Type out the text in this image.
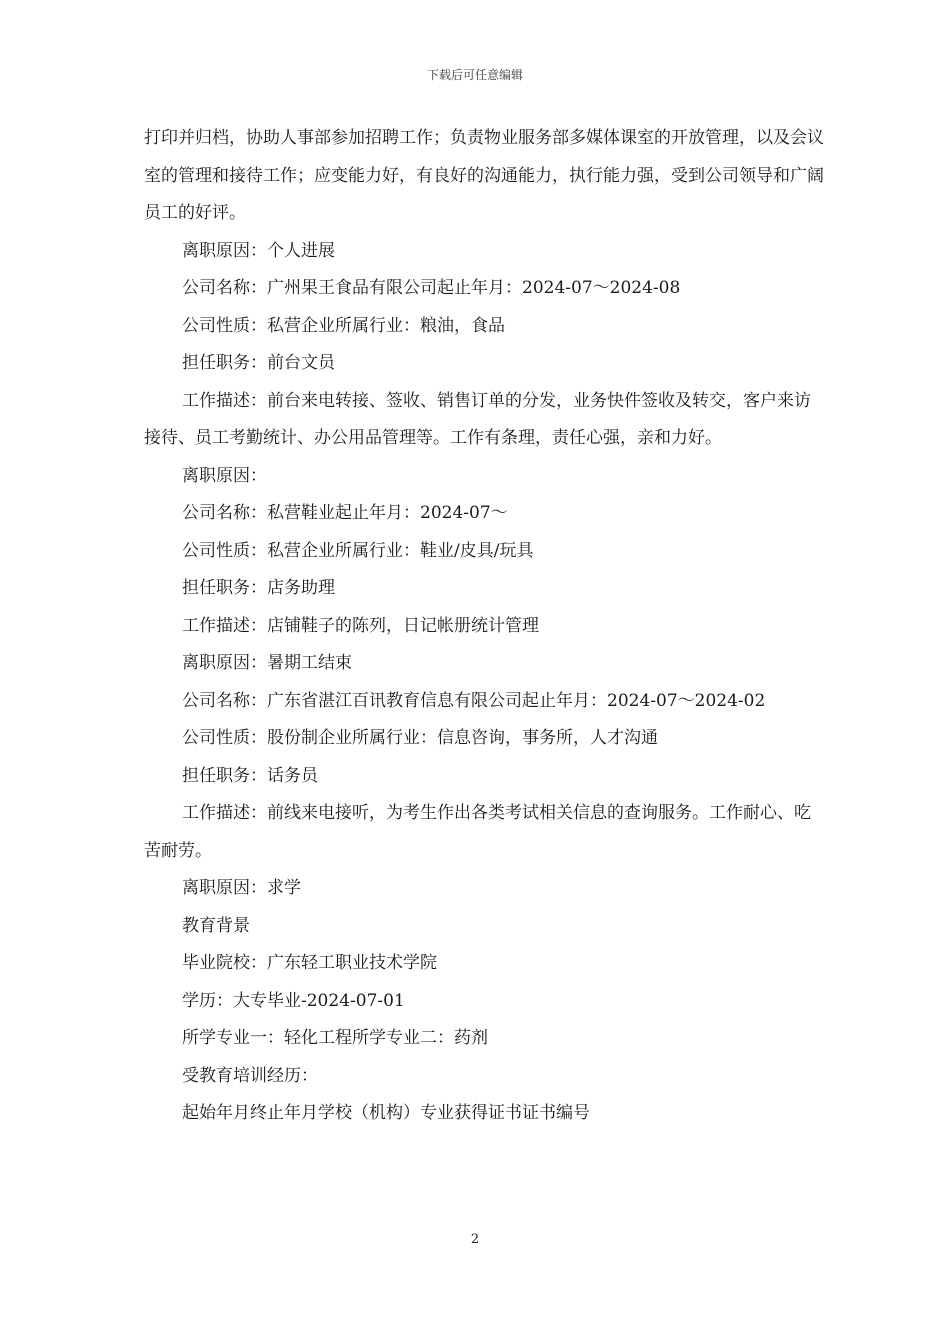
下载后可任意编辑

打印并归档，协助人事部参加招聘工作；负责物业服务部多媒体课室的开放管理，以及会议室的管理和接待工作；应变能力好，有良好的沟通能力，执行能力强，受到公司领导和广阔员工的好评。

离职原因：个人进展

公司名称：广州果王食品有限公司起止年月：2024-07～2024-08

公司性质：私营企业所属行业：粮油，食品

担任职务：前台文员

工作描述：前台来电转接、签收、销售订单的分发，业务快件签收及转交，客户来访接待、员工考勤统计、办公用品管理等。工作有条理，责任心强，亲和力好。

离职原因：

公司名称：私营鞋业起止年月：2024-07～

公司性质：私营企业所属行业：鞋业/皮具/玩具

担任职务：店务助理

工作描述：店铺鞋子的陈列，日记帐册统计管理

离职原因：暑期工结束

公司名称：广东省湛江百讯教育信息有限公司起止年月：2024-07～2024-02

公司性质：股份制企业所属行业：信息咨询，事务所，人才沟通

担任职务：话务员

工作描述：前线来电接听，为考生作出各类考试相关信息的查询服务。工作耐心、吃苦耐劳。

离职原因：求学

教育背景

毕业院校：广东轻工职业技术学院

学历：大专毕业-2024-07-01

所学专业一：轻化工程所学专业二：药剂

受教育培训经历：

起始年月终止年月学校（机构）专业获得证书证书编号

2
